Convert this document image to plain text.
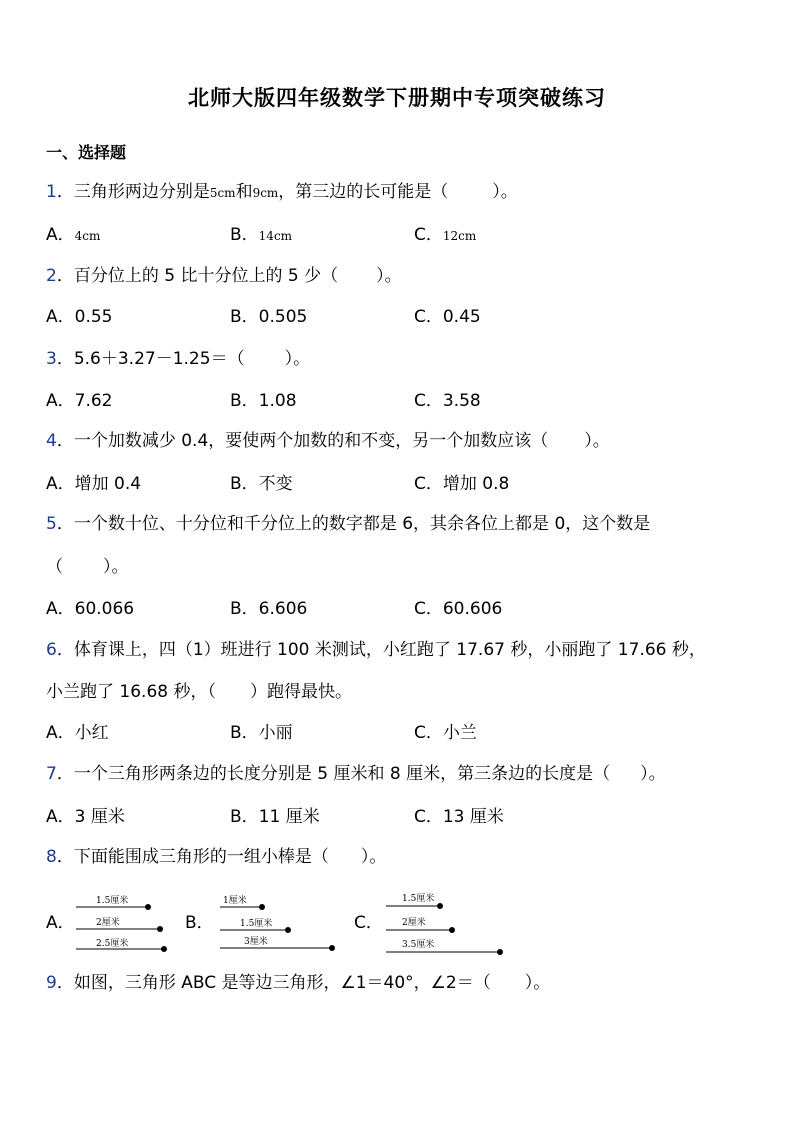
北师大版四年级数学下册期中专项突破练习
一、选择题
1．三角形两边分别是5cm和9cm，第三边的长可能是（	）。
A．4cm	B．14cm	C．12cm
2．百分位上的 5 比十分位上的 5 少（ ）。
A．0.55	B．0.505	C．0.45
3．5.6＋3.27－1.25＝（ ）。
A．7.62	B．1.08	C．3.58
4．一个加数减少 0.4，要使两个加数的和不变，另一个加数应该（ ）。
A．增加 0.4	B．不变	C．增加 0.8
5．一个数十位、十分位和千分位上的数字都是 6，其余各位上都是 0，这个数是
（ ）。
A．60.066	B．6.606	C．60.606
6．体育课上，四（1）班进行 100 米测试，小红跑了 17.67 秒，小丽跑了 17.66 秒，
小兰跑了 16.68 秒，（ ）跑得最快。
A．小红	B．小丽	C．小兰
7．一个三角形两条边的长度分别是 5 厘米和 8 厘米，第三条边的长度是（ ）。
A．3 厘米	B．11 厘米	C．13 厘米
8．下面能围成三角形的一组小棒是（ ）。
A．
1.5厘米
2厘米
2.5厘米
B．
1厘米
1.5厘米
3厘米
C．
1.5厘米
2厘米
3.5厘米
9．如图，三角形 ABC 是等边三角形，∠1＝40°，∠2＝（ ）。
